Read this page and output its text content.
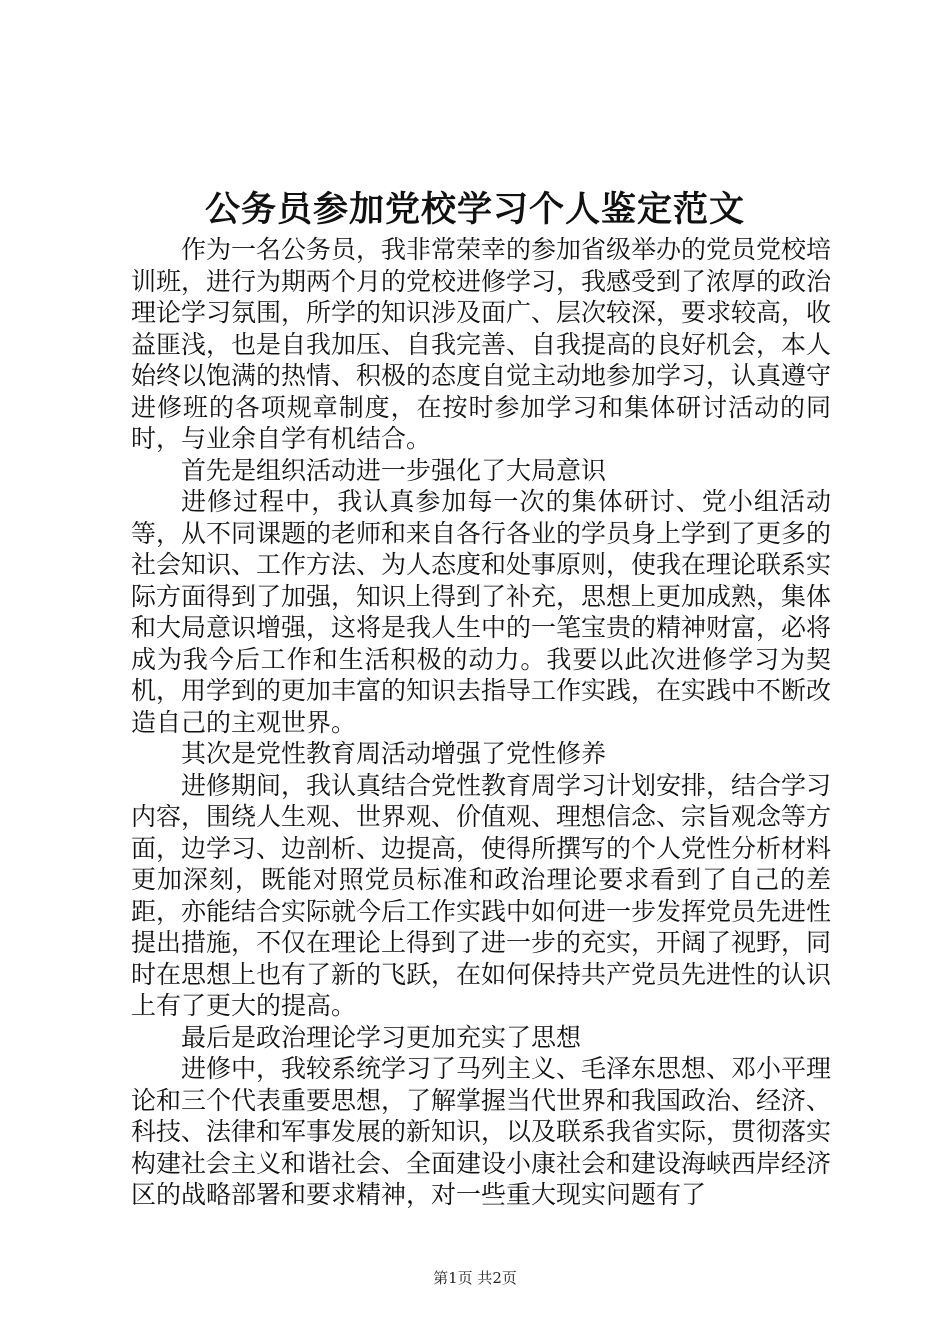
公务员参加党校学习个人鉴定范文

作为一名公务员，我非常荣幸的参加省级举办的党员党校培训班，进行为期两个月的党校进修学习，我感受到了浓厚的政治理论学习氛围，所学的知识涉及面广、层次较深，要求较高，收益匪浅，也是自我加压、自我完善、自我提高的良好机会，本人始终以饱满的热情、积极的态度自觉主动地参加学习，认真遵守进修班的各项规章制度，在按时参加学习和集体研讨活动的同时，与业余自学有机结合。

首先是组织活动进一步强化了大局意识

进修过程中，我认真参加每一次的集体研讨、党小组活动等，从不同课题的老师和来自各行各业的学员身上学到了更多的社会知识、工作方法、为人态度和处事原则，使我在理论联系实际方面得到了加强，知识上得到了补充，思想上更加成熟，集体和大局意识增强，这将是我人生中的一笔宝贵的精神财富，必将成为我今后工作和生活积极的动力。我要以此次进修学习为契机，用学到的更加丰富的知识去指导工作实践，在实践中不断改造自己的主观世界。

其次是党性教育周活动增强了党性修养

进修期间，我认真结合党性教育周学习计划安排，结合学习内容，围绕人生观、世界观、价值观、理想信念、宗旨观念等方面，边学习、边剖析、边提高，使得所撰写的个人党性分析材料更加深刻，既能对照党员标准和政治理论要求看到了自己的差距，亦能结合实际就今后工作实践中如何进一步发挥党员先进性提出措施，不仅在理论上得到了进一步的充实，开阔了视野，同时在思想上也有了新的飞跃，在如何保持共产党员先进性的认识上有了更大的提高。

最后是政治理论学习更加充实了思想

进修中，我较系统学习了马列主义、毛泽东思想、邓小平理论和三个代表重要思想，了解掌握当代世界和我国政治、经济、科技、法律和军事发展的新知识，以及联系我省实际，贯彻落实构建社会主义和谐社会、全面建设小康社会和建设海峡西岸经济区的战略部署和要求精神，对一些重大现实问题有了

第1页 共2页
